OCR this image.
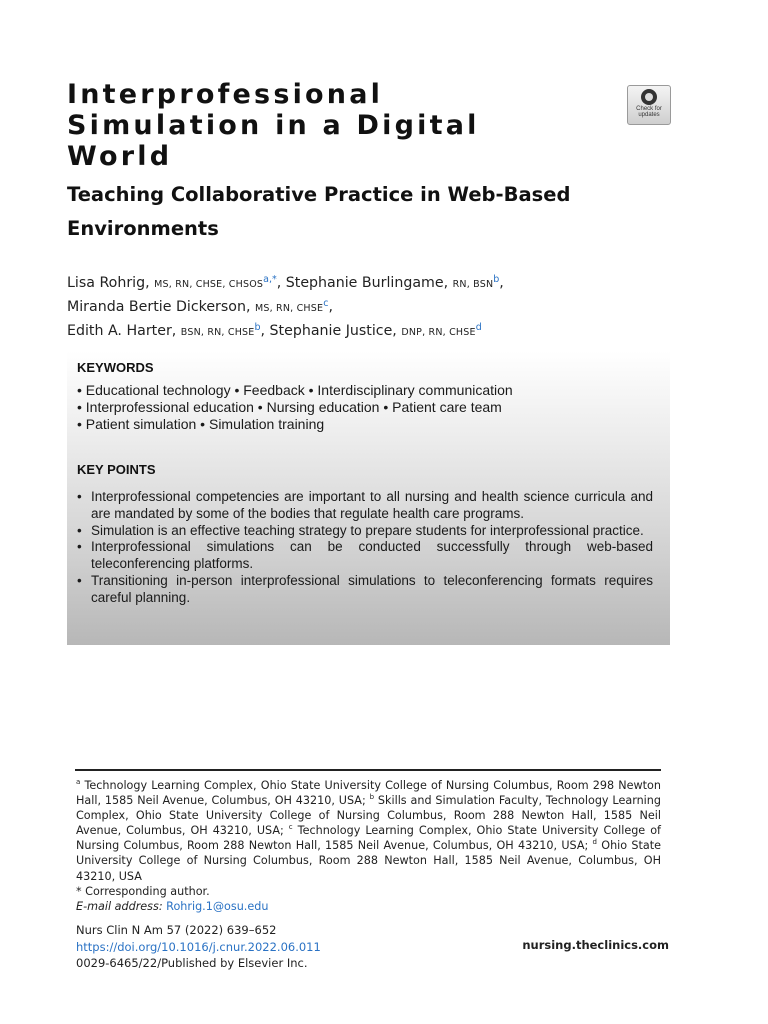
Interprofessional Simulation in a Digital World
Teaching Collaborative Practice in Web-Based Environments
Check for updates
Lisa Rohrig, MS, RN, CHSE, CHSOS$^{a,*}$, Stephanie Burlingame, RN, BSN$^b$,
Miranda Bertie Dickerson, MS, RN, CHSE$^c$,
Edith A. Harter, BSN, RN, CHSE$^b$, Stephanie Justice, DNP, RN, CHSE$^d$
KEYWORDS
• Educational technology • Feedback • Interdisciplinary communication
• Interprofessional education • Nursing education • Patient care team
• Patient simulation • Simulation training
KEY POINTS
• Interprofessional competencies are important to all nursing and health science curricula and are mandated by some of the bodies that regulate health care programs.
• Simulation is an effective teaching strategy to prepare students for interprofessional practice.
• Interprofessional simulations can be conducted successfully through web-based teleconferencing platforms.
• Transitioning in-person interprofessional simulations to teleconferencing formats requires careful planning.
$^a$ Technology Learning Complex, Ohio State University College of Nursing Columbus, Room 298 Newton Hall, 1585 Neil Avenue, Columbus, OH 43210, USA; $^b$ Skills and Simulation Faculty, Technology Learning Complex, Ohio State University College of Nursing Columbus, Room 288 Newton Hall, 1585 Neil Avenue, Columbus, OH 43210, USA; $^c$ Technology Learning Complex, Ohio State University College of Nursing Columbus, Room 288 Newton Hall, 1585 Neil Avenue, Columbus, OH 43210, USA; $^d$ Ohio State University College of Nursing Columbus, Room 288 Newton Hall, 1585 Neil Avenue, Columbus, OH 43210, USA
* Corresponding author.
E-mail address: Rohrig.1@osu.edu
Nurs Clin N Am 57 (2022) 639–652
https://doi.org/10.1016/j.cnur.2022.06.011
0029-6465/22/Published by Elsevier Inc.
nursing.theclinics.com
